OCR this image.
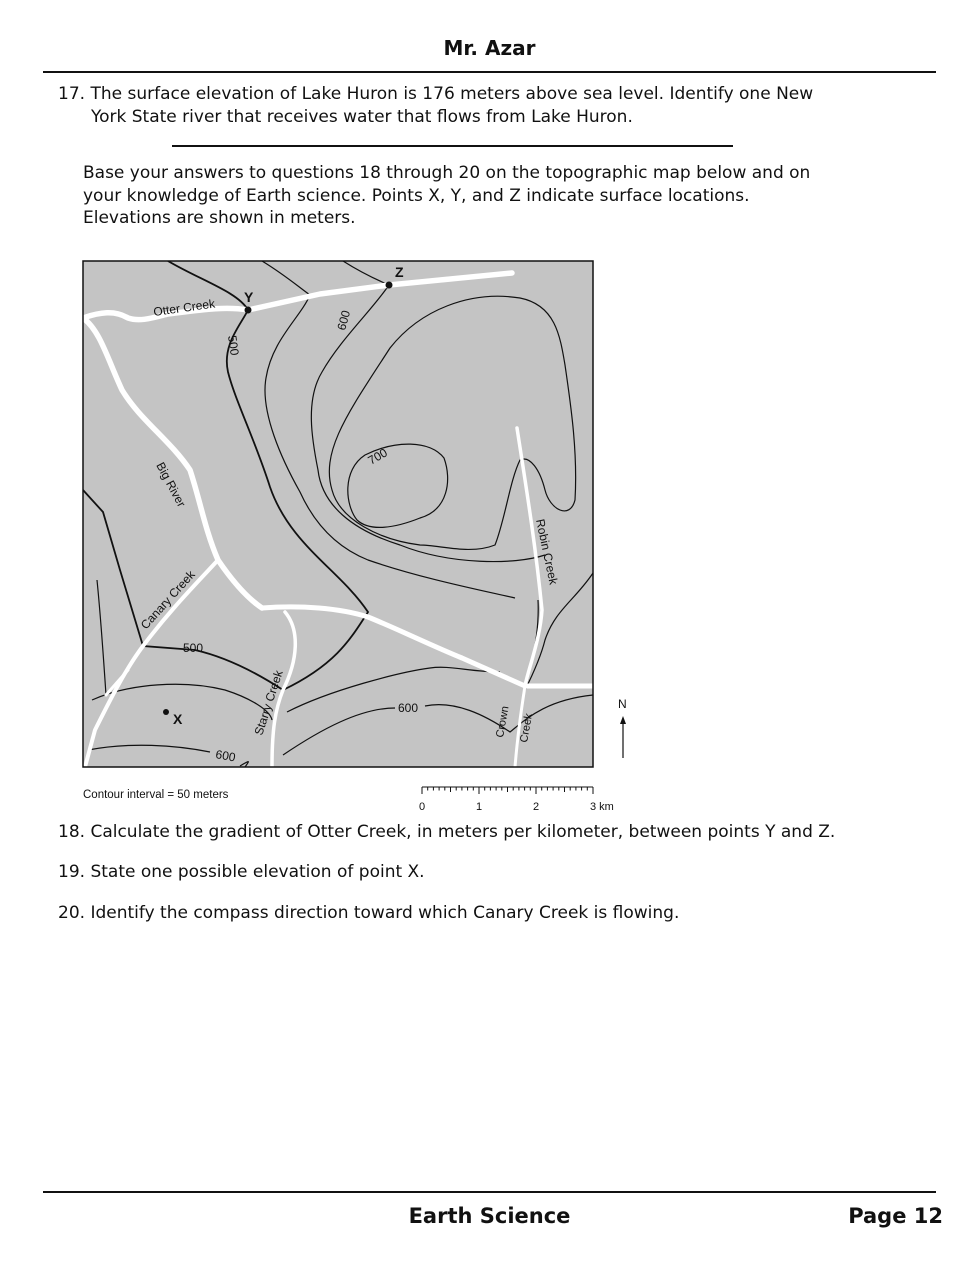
Mr. Azar
17. The surface elevation of Lake Huron is 176 meters above sea level. Identify one New
York State river that receives water that flows from Lake Huron.
Base your answers to questions 18 through 20 on the topographic map below and on
your knowledge of Earth science. Points X, Y, and Z indicate surface locations.
Elevations are shown in meters.
Y
Z
X
Otter Creek
Big River
Canary Creek
Starry Creek
Robin Creek
Crown Creek
500
600
700
500
600
600
N
Contour interval = 50 meters
0	1	2	3 km
18. Calculate the gradient of Otter Creek, in meters per kilometer, between points Y and Z.
19. State one possible elevation of point X.
20. Identify the compass direction toward which Canary Creek is flowing.
Earth Science	Page 12
